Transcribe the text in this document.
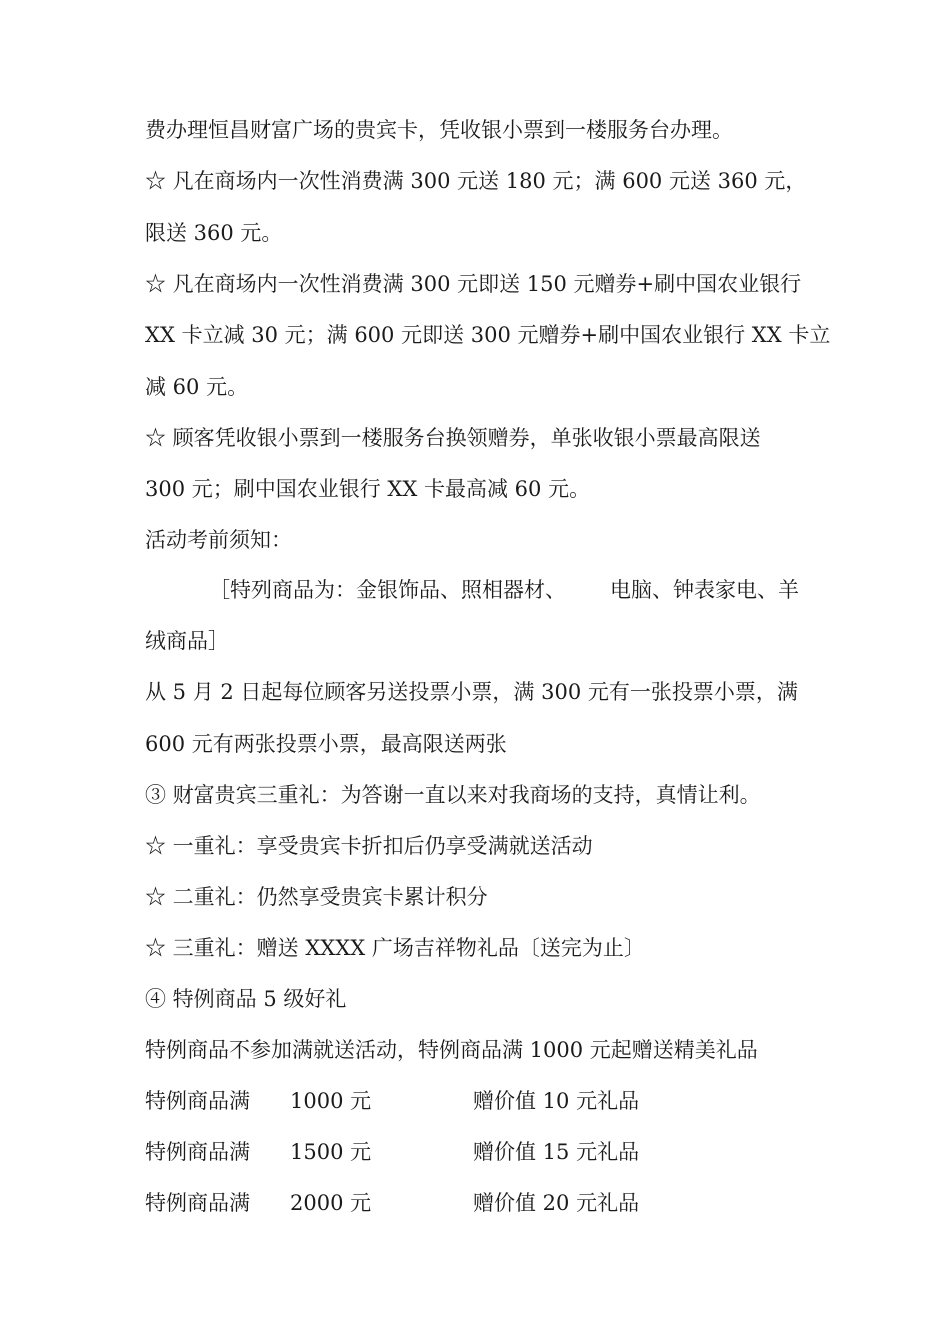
费办理恒昌财富广场的贵宾卡，凭收银小票到一楼服务台办理。
☆ 凡在商场内一次性消费满 300 元送 180 元；满 600 元送 360 元，
限送 360 元。
☆ 凡在商场内一次性消费满 300 元即送 150 元赠券+刷中国农业银行
XX 卡立减 30 元；满 600 元即送 300 元赠券+刷中国农业银行 XX 卡立
减 60 元。
☆ 顾客凭收银小票到一楼服务台换领赠券，单张收银小票最高限送
300 元；刷中国农业银行 XX 卡最高减 60 元。
活动考前须知：
［特列商品为：金银饰品、照相器材、 电脑、钟表家电、羊
绒商品］
从 5 月 2 日起每位顾客另送投票小票，满 300 元有一张投票小票，满
600 元有两张投票小票，最高限送两张
③ 财富贵宾三重礼：为答谢一直以来对我商场的支持，真情让利。
☆ 一重礼：享受贵宾卡折扣后仍享受满就送活动
☆ 二重礼：仍然享受贵宾卡累计积分
☆ 三重礼：赠送 XXXX 广场吉祥物礼品〔送完为止〕
④ 特例商品 5 级好礼
特例商品不参加满就送活动，特例商品满 1000 元起赠送精美礼品
特例商品满 1000 元	赠价值 10 元礼品
特例商品满 1500 元	赠价值 15 元礼品
特例商品满 2000 元	赠价值 20 元礼品
